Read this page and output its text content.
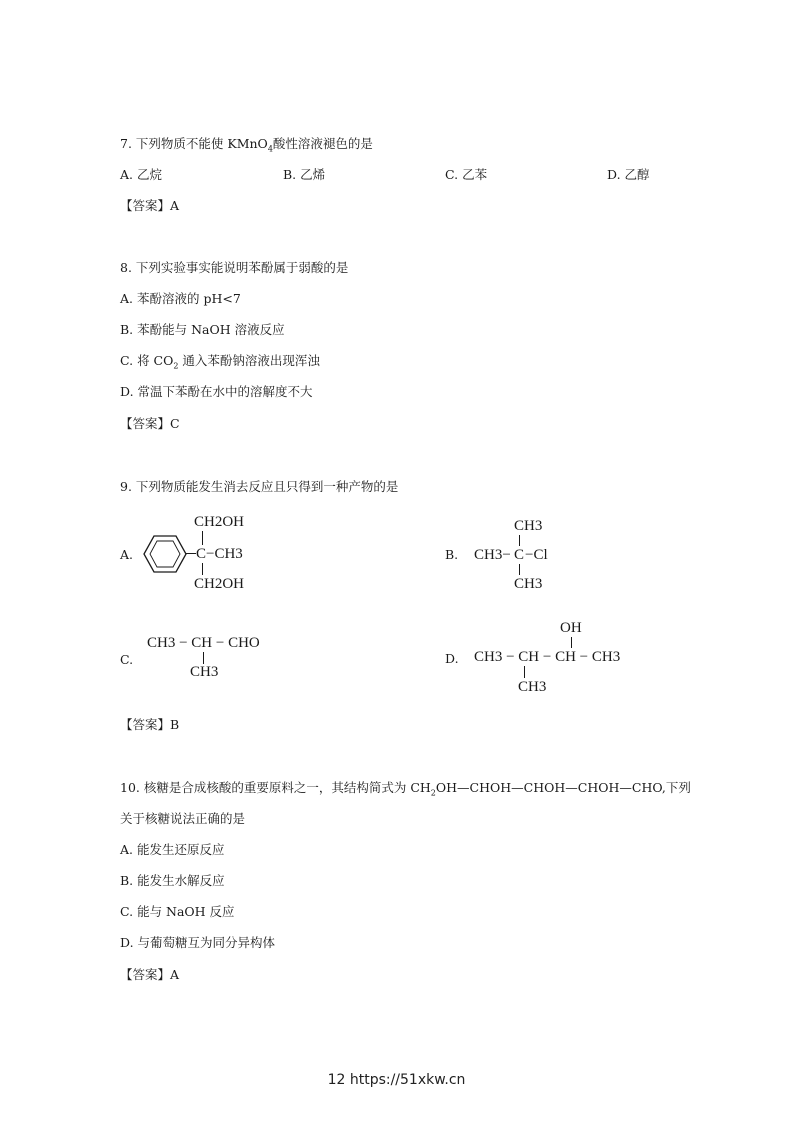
7. 下列物质不能使 KMnO$_4$酸性溶液褪色的是
A. 乙烷	B. 乙烯	C. 乙苯	D. 乙醇
【答案】A
8. 下列实验事实能说明苯酚属于弱酸的是
A. 苯酚溶液的 pH<7
B. 苯酚能与 NaOH 溶液反应
C. 将 $CO_2$ 通入苯酚钠溶液出现浑浊
D. 常温下苯酚在水中的溶解度不大
【答案】C
9. 下列物质能发生消去反应且只得到一种产物的是
A.
CH2OH
C−CH3
CH2OH
B.
CH3
CH3− C −Cl
CH3
C.
CH3 − CH − CHO
CH3
D.
OH
CH3 − CH − CH − CH3
CH3
【答案】B
10. 核糖是合成核酸的重要原料之一，其结构简式为 $CH_2OH—CHOH—CHOH—CHOH—CHO$,下列
关于核糖说法正确的是
A. 能发生还原反应
B. 能发生水解反应
C. 能与 NaOH 反应
D. 与葡萄糖互为同分异构体
【答案】A
12 https://51xkw.cn
